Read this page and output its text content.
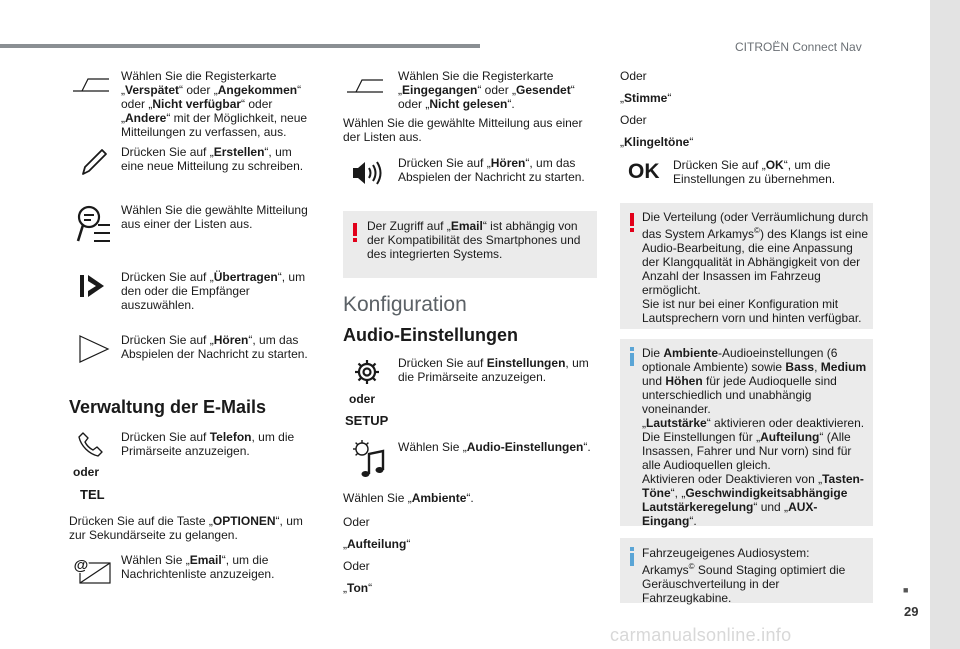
CITROËN Connect Nav
Wählen Sie die Registerkarte „Verspätet“ oder „Angekommen“ oder „Nicht verfügbar“ oder „Andere“ mit der Möglichkeit, neue Mitteilungen zu verfassen, aus.
Drücken Sie auf „Erstellen“, um eine neue Mitteilung zu schreiben.
Wählen Sie die gewählte Mitteilung aus einer der Listen aus.
Drücken Sie auf „Übertragen“, um den oder die Empfänger auszuwählen.
Drücken Sie auf „Hören“, um das Abspielen der Nachricht zu starten.
Verwaltung der E-Mails
Drücken Sie auf Telefon, um die Primärseite anzuzeigen.
oder
TEL
Drücken Sie auf die Taste „OPTIONEN“, um zur Sekundärseite zu gelangen.
@	Wählen Sie „Email“, um die Nachrichtenliste anzuzeigen.
Wählen Sie die Registerkarte „Eingegangen“ oder „Gesendet“ oder „Nicht gelesen“.
Wählen Sie die gewählte Mitteilung aus einer der Listen aus.
Drücken Sie auf „Hören“, um das Abspielen der Nachricht zu starten.
Der Zugriff auf „Email“ ist abhängig von der Kompatibilität des Smartphones und des integrierten Systems.
Konfiguration
Audio-Einstellungen
Drücken Sie auf Einstellungen, um die Primärseite anzuzeigen.
oder
SETUP
Wählen Sie „Audio-Einstellungen“.
Wählen Sie „Ambiente“.
Oder
„Aufteilung“
Oder
„Ton“
Oder
„Stimme“
Oder
„Klingeltöne“
OK Drücken Sie auf „OK“, um die Einstellungen zu übernehmen.
Die Verteilung (oder Verräumlichung durch das System Arkamys©) des Klangs ist eine Audio-Bearbeitung, die eine Anpassung der Klangqualität in Abhängigkeit von der Anzahl der Insassen im Fahrzeug ermöglicht.
Sie ist nur bei einer Konfiguration mit Lautsprechern vorn und hinten verfügbar.
Die Ambiente-Audioeinstellungen (6 optionale Ambiente) sowie Bass, Medium und Höhen für jede Audioquelle sind unterschiedlich und unabhängig voneinander.
„Lautstärke“ aktivieren oder deaktivieren.
Die Einstellungen für „Aufteilung“ (Alle Insassen, Fahrer und Nur vorn) sind für alle Audioquellen gleich.
Aktivieren oder Deaktivieren von „Tasten-Töne“, „Geschwindigkeitsabhängige Lautstärkeregelung“ und „AUX-Eingang“.
Fahrzeugeigenes Audiosystem:
Arkamys© Sound Staging optimiert die Geräuschverteilung in der Fahrzeugkabine.
■
29
carmanualsonline.info
